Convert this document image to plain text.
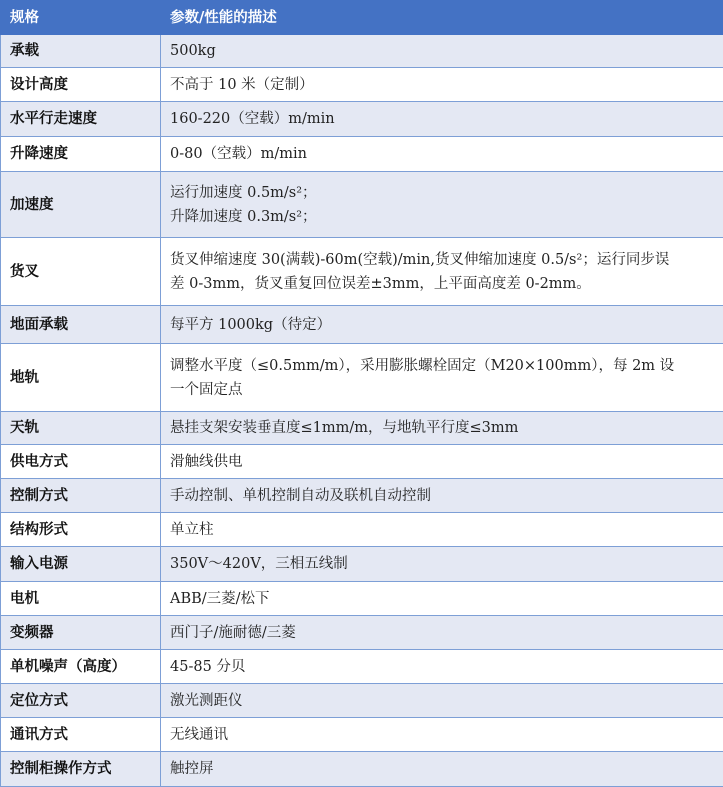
规格	参数/性能的描述
承载	500kg

设计高度	不高于 10 米（定制）

水平行走速度	160-220（空载）m/min

升降速度	0-80（空载）m/min

加速度	运行加速度 0.5m/s²；
升降加速度 0.3m/s²；

货叉	货叉伸缩速度 30(满载)-60m(空载)/min,货叉伸缩加速度 0.5/s²；运行同步误
差 0-3mm，货叉重复回位误差±3mm，上平面高度差 0-2mm。

地面承载	每平方 1000kg（待定）

地轨	调整水平度（≤0.5mm/m），采用膨胀螺栓固定（M20×100mm），每 2m 设
一个固定点

天轨	悬挂支架安装垂直度≤1mm/m，与地轨平行度≤3mm

供电方式	滑触线供电

控制方式	手动控制、单机控制自动及联机自动控制

结构形式	单立柱

输入电源	350V～420V，三相五线制

电机	ABB/三菱/松下

变频器	西门子/施耐德/三菱

单机噪声（高度）	45-85 分贝

定位方式	激光测距仪

通讯方式	无线通讯

控制柜操作方式	触控屏
